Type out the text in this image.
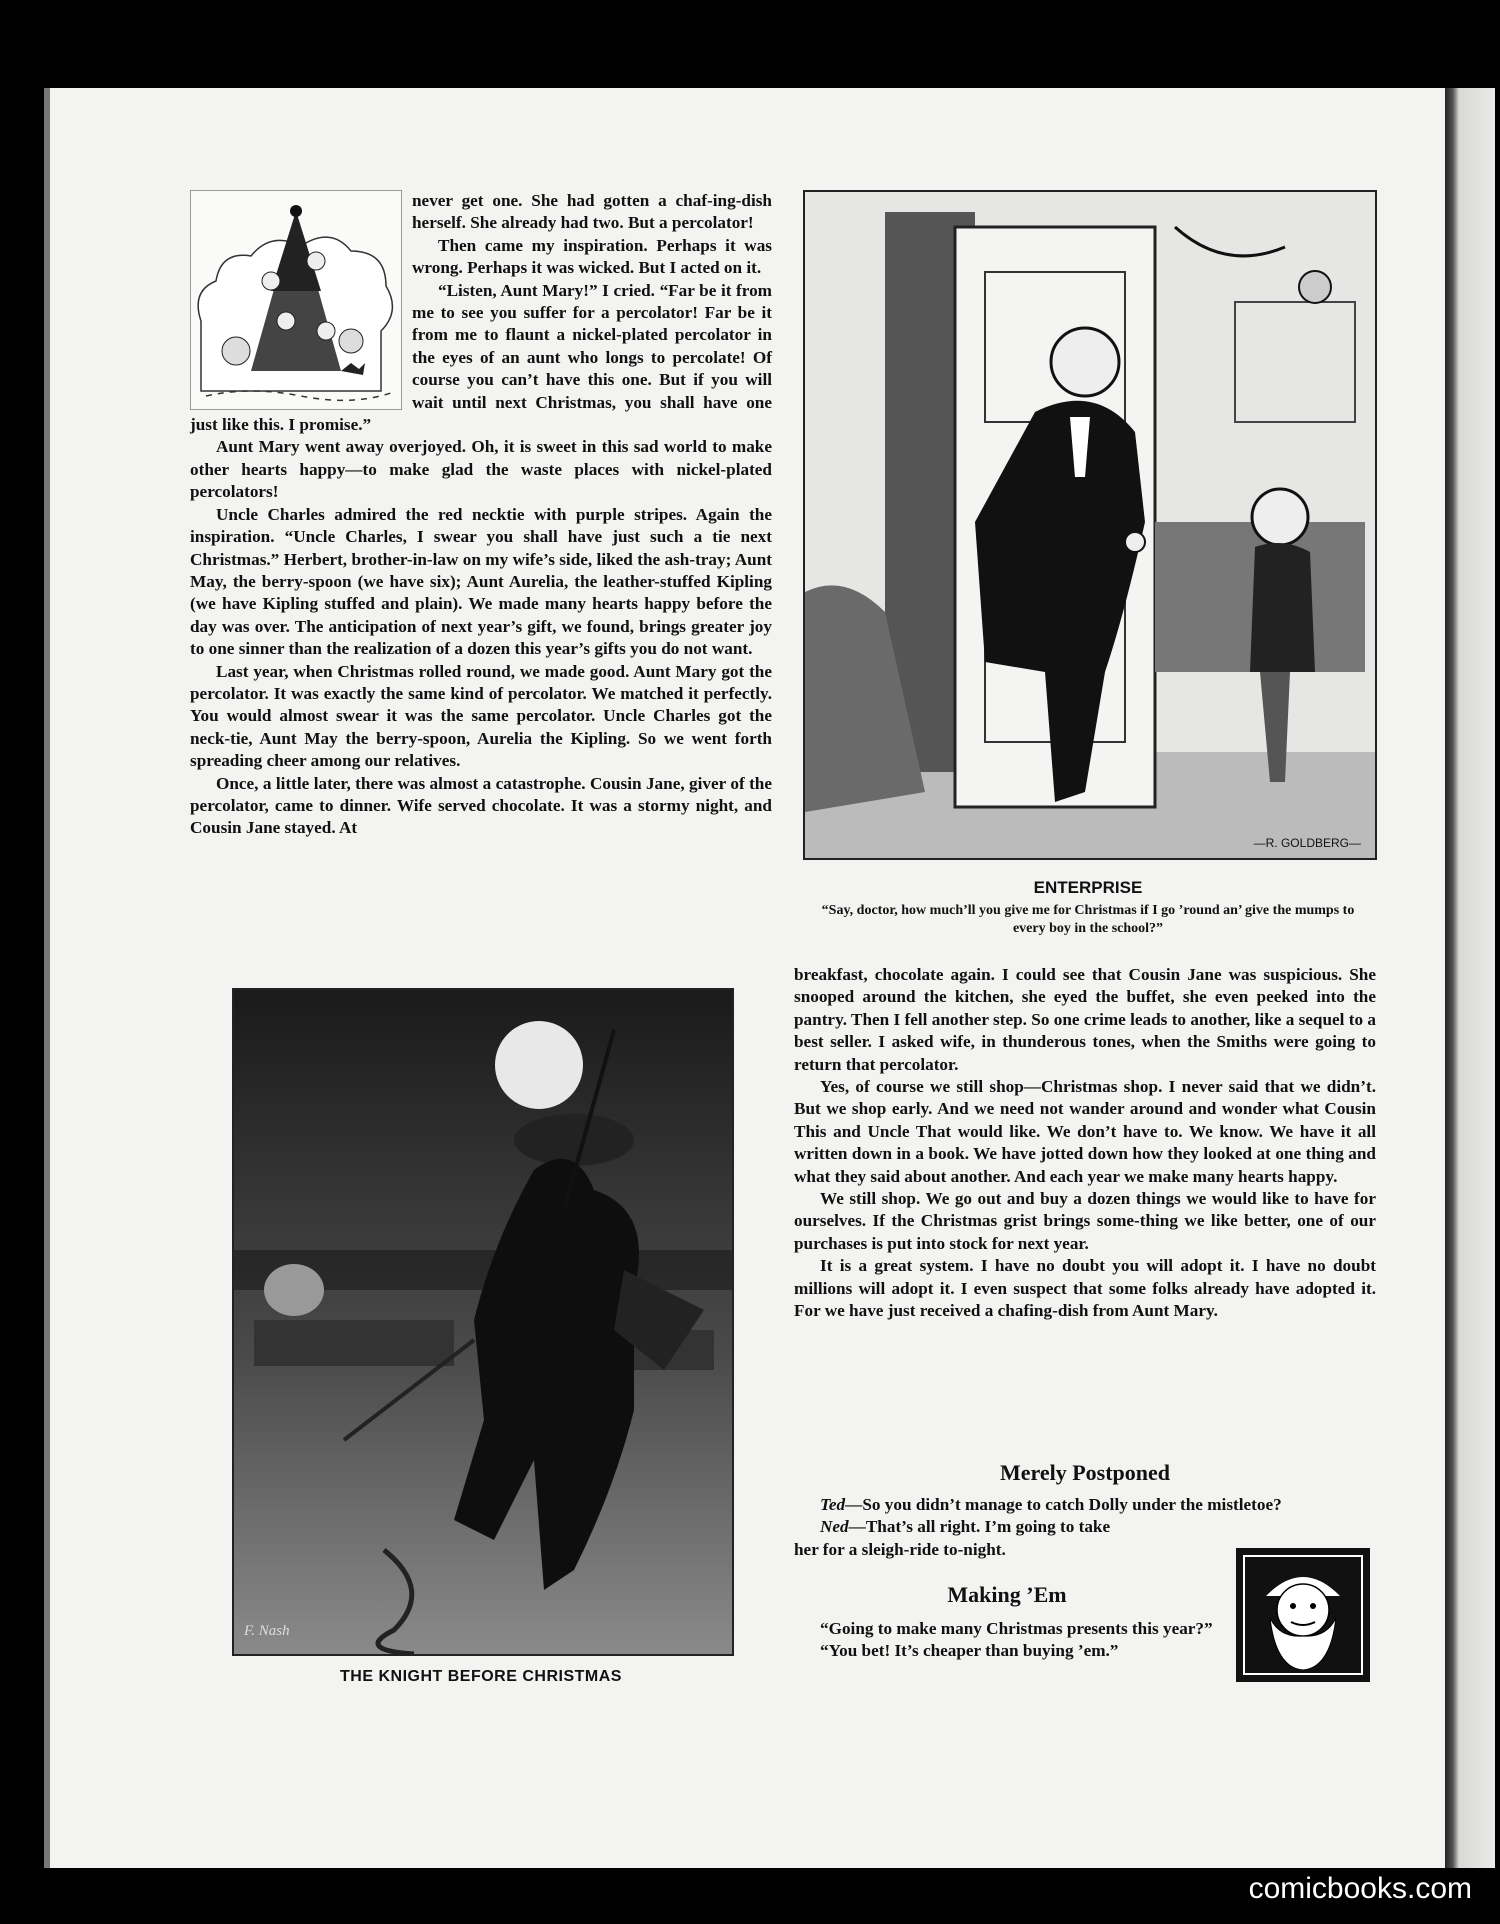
never get one. She had gotten a chaf-ing-dish herself. She already had two. But a percolator!

Then came my inspiration. Perhaps it was wrong. Perhaps it was wicked. But I acted on it.

“Listen, Aunt Mary!” I cried. “Far be it from me to see you suffer for a percolator! Far be it from me to flaunt a nickel-plated percolator in the eyes of an aunt who longs to percolate! Of course you can’t have this one. But if you will wait until next Christmas, you shall have one just like this. I promise.”

Aunt Mary went away overjoyed. Oh, it is sweet in this sad world to make other hearts happy—to make glad the waste places with nickel-plated percolators!

Uncle Charles admired the red necktie with purple stripes. Again the inspiration. “Uncle Charles, I swear you shall have just such a tie next Christmas.” Herbert, brother-in-law on my wife’s side, liked the ash-tray; Aunt May, the berry-spoon (we have six); Aunt Aurelia, the leather-stuffed Kipling (we have Kipling stuffed and plain). We made many hearts happy before the day was over. The anticipation of next year’s gift, we found, brings greater joy to one sinner than the realization of a dozen this year’s gifts you do not want.

Last year, when Christmas rolled round, we made good. Aunt Mary got the percolator. It was exactly the same kind of percolator. We matched it perfectly. You would almost swear it was the same percolator. Uncle Charles got the neck-tie, Aunt May the berry-spoon, Aurelia the Kipling. So we went forth spreading cheer among our relatives.

Once, a little later, there was almost a catastrophe. Cousin Jane, giver of the percolator, came to dinner. Wife served chocolate. It was a stormy night, and Cousin Jane stayed. At

—R. GOLDBERG—
ENTERPRISE
“Say, doctor, how much’ll you give me for Christmas if I go ’round an’ give the mumps to every boy in the school?”
F. Nash
THE KNIGHT BEFORE CHRISTMAS

breakfast, chocolate again. I could see that Cousin Jane was suspicious. She snooped around the kitchen, she eyed the buffet, she even peeked into the pantry. Then I fell another step. So one crime leads to another, like a sequel to a best seller. I asked wife, in thunderous tones, when the Smiths were going to return that percolator.

Yes, of course we still shop—Christmas shop. I never said that we didn’t. But we shop early. And we need not wander around and wonder what Cousin This and Uncle That would like. We don’t have to. We know. We have it all written down in a book. We have jotted down how they looked at one thing and what they said about another. And each year we make many hearts happy.

We still shop. We go out and buy a dozen things we would like to have for ourselves. If the Christmas grist brings some-thing we like better, one of our purchases is put into stock for next year.

It is a great system. I have no doubt you will adopt it. I have no doubt millions will adopt it. I even suspect that some folks already have adopted it. For we have just received a chafing-dish from Aunt Mary.

Merely Postponed

Ted—So you didn’t manage to catch Dolly under the mistletoe?

Ned—That’s all right. I’m going to take

her for a sleigh-ride to-night.

Making ’Em

“Going to make many Christmas presents this year?”

“You bet! It’s cheaper than buying ’em.”

comicbooks.com
